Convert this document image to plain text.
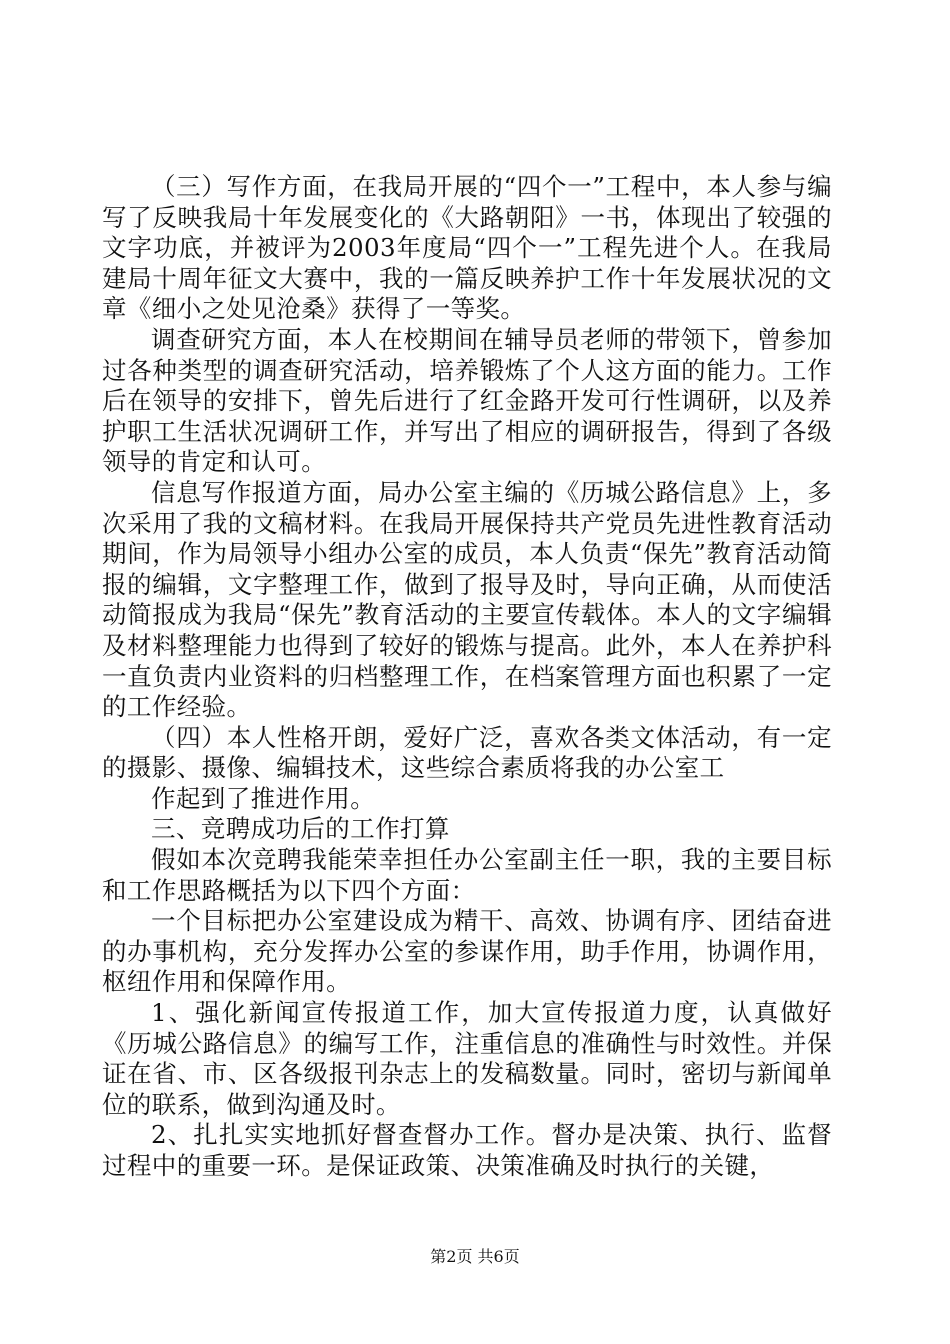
（三）写作方面，在我局开展的“四个一”工程中，本人参与编写了反映我局十年发展变化的《大路朝阳》一书，体现出了较强的文字功底，并被评为2003年度局“四个一”工程先进个人。在我局建局十周年征文大赛中，我的一篇反映养护工作十年发展状况的文章《细小之处见沧桑》获得了一等奖。

调查研究方面，本人在校期间在辅导员老师的带领下，曾参加过各种类型的调查研究活动，培养锻炼了个人这方面的能力。工作后在领导的安排下，曾先后进行了红金路开发可行性调研，以及养护职工生活状况调研工作，并写出了相应的调研报告，得到了各级领导的肯定和认可。

信息写作报道方面，局办公室主编的《历城公路信息》上，多次采用了我的文稿材料。在我局开展保持共产党员先进性教育活动期间，作为局领导小组办公室的成员，本人负责“保先”教育活动简报的编辑，文字整理工作，做到了报导及时，导向正确，从而使活动简报成为我局“保先”教育活动的主要宣传载体。本人的文字编辑及材料整理能力也得到了较好的锻炼与提高。此外，本人在养护科一直负责内业资料的归档整理工作，在档案管理方面也积累了一定的工作经验。

（四）本人性格开朗，爱好广泛，喜欢各类文体活动，有一定的摄影、摄像、编辑技术，这些综合素质将我的办公室工

作起到了推进作用。

三、竞聘成功后的工作打算

假如本次竞聘我能荣幸担任办公室副主任一职，我的主要目标和工作思路概括为以下四个方面：

一个目标把办公室建设成为精干、高效、协调有序、团结奋进的办事机构，充分发挥办公室的参谋作用，助手作用，协调作用，枢纽作用和保障作用。

1、强化新闻宣传报道工作，加大宣传报道力度，认真做好《历城公路信息》的编写工作，注重信息的准确性与时效性。并保证在省、市、区各级报刊杂志上的发稿数量。同时，密切与新闻单位的联系，做到沟通及时。

2、扎扎实实地抓好督查督办工作。督办是决策、执行、监督过程中的重要一环。是保证政策、决策准确及时执行的关键，

第2页 共6页
